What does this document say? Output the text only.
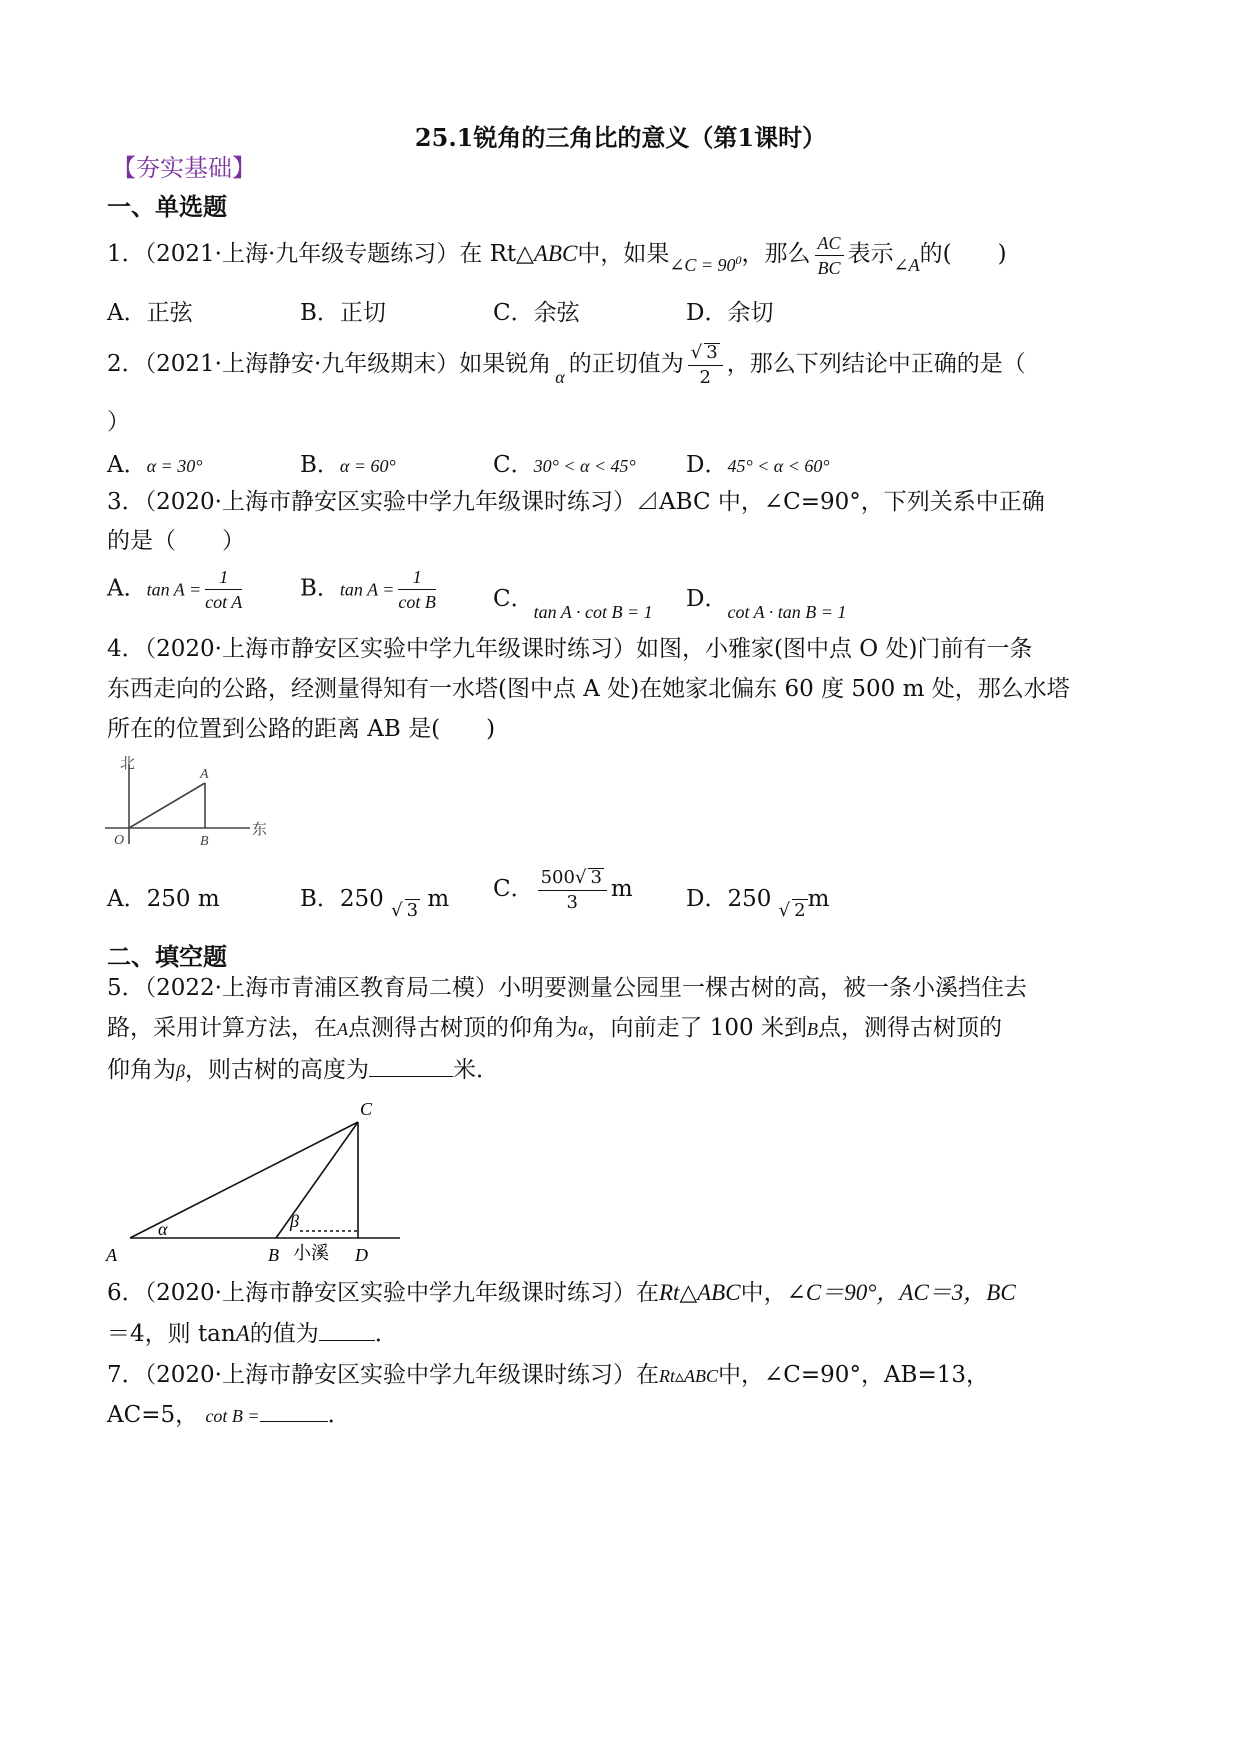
25.1锐角的三角比的意义（第1课时）
【夯实基础】
一、单选题
1．（2021·上海·九年级专题练习）在 Rt△ABC中，如果$_{\angle C = 90^0}$，那么 $\frac{AC}{BC}$ 表示$_{\angle A}$的(　　)
A．正弦	B．正切	C．余弦	D．余切
2．（2021·上海静安·九年级期末）如果锐角 $_\alpha$ 的正切值为 $\frac{√ 3}{2}$ ，那么下列结论中正确的是（
）
A．α = 30°	B．α = 60°	C．30° < α < 45° D．45° < α < 60°
3．（2020·上海市静安区实验中学九年级课时练习）⊿ABC 中，∠C=90°，下列关系中正确
的是（　　）
A．$\tan A = \frac{1}{\text{cot A}}$	B．$\tan A = \frac{1}{\text{cot B}}$ C．$_{tan A \cdot cot B = 1}$ D．$_{cot A \cdot tan B = 1}$
4．（2020·上海市静安区实验中学九年级课时练习）如图，小雅家(图中点 O 处)门前有一条
东西走向的公路，经测量得知有一水塔(图中点 A 处)在她家北偏东 60 度 500 m 处，那么水塔
所在的位置到公路的距离 AB 是(　　)
北
东
O
A
B
A．250 m	B．250 $_{√ 3}$ m C． $\frac{500√ 3}{3}$ m D．250 $_{√ 2}$m
二、填空题
5．（2022·上海市青浦区教育局二模）小明要测量公园里一棵古树的高，被一条小溪挡住去
路，采用计算方法，在A点测得古树顶的仰角为α，向前走了 100 米到B点，测得古树顶的
仰角为β，则古树的高度为	米．
A	B
C
D
α	β
小溪
6．（2020·上海市静安区实验中学九年级课时练习）在Rt△ABC中，∠C＝90°，AC＝3，BC
＝4，则 tanA的值为 ．
7．（2020·上海市静安区实验中学九年级课时练习）在Rt▵ABC中，∠C=90°，AB=13，
AC=5， cot B =	．
